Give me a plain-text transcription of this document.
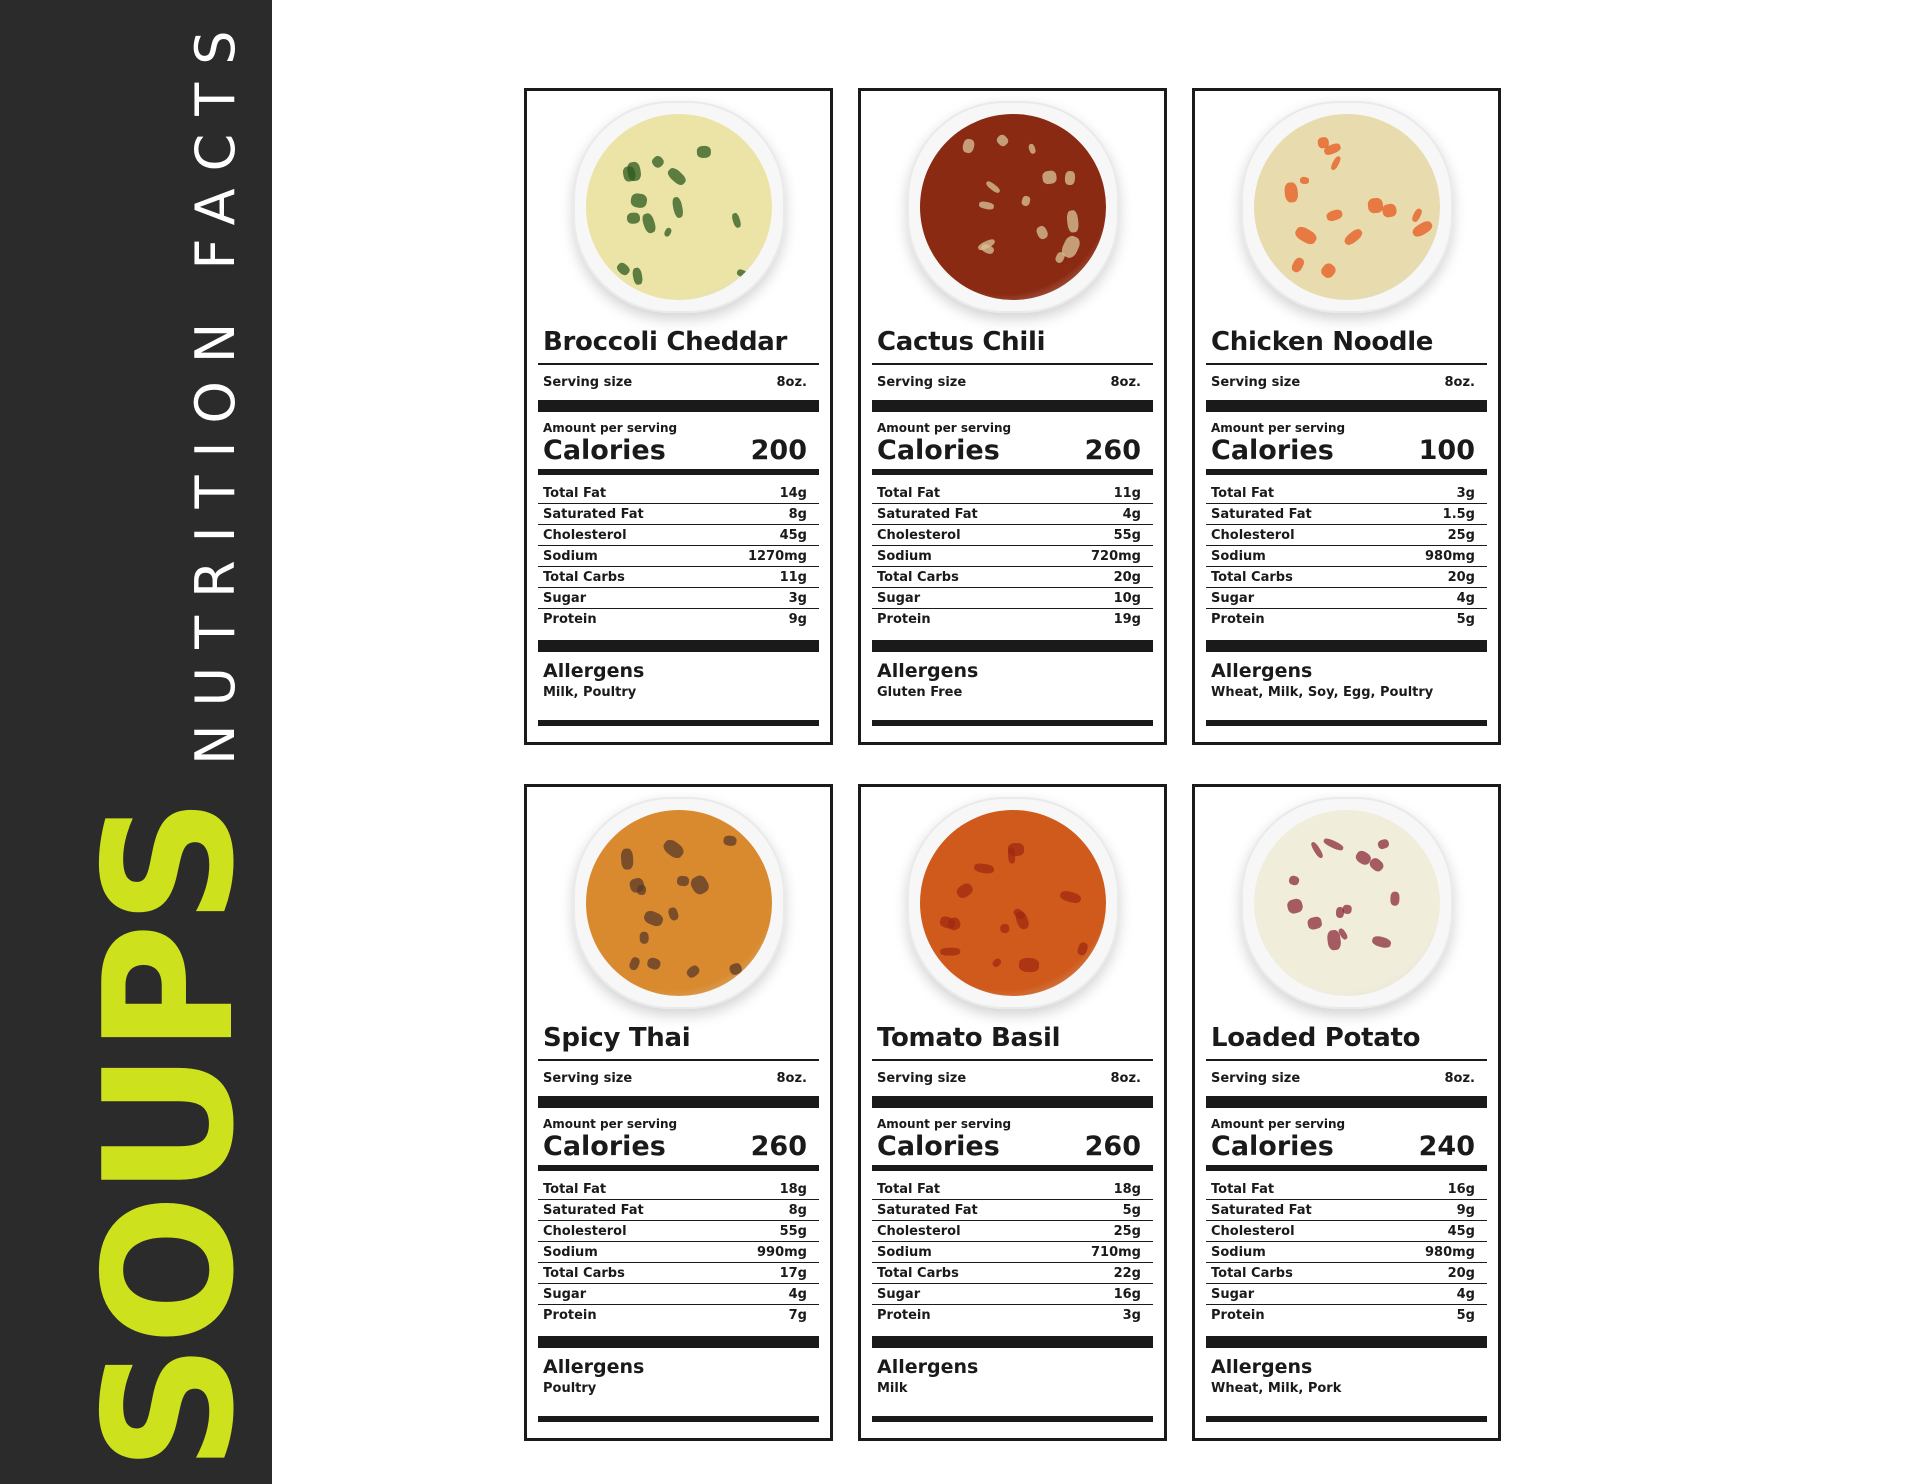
SOUPS
NUTRITION FACTS	Broccoli Cheddar
Serving size	8oz.
Amount per serving
Calories	200
Total Fat	14g
Saturated Fat	8g
Cholesterol	45g
Sodium	1270mg
Total Carbs	11g
Sugar	3g
Protein	9g
Allergens
Milk, Poultry
Cactus Chili
Serving size	8oz.
Amount per serving
Calories	260
Total Fat	11g
Saturated Fat	4g
Cholesterol	55g
Sodium	720mg
Total Carbs	20g
Sugar	10g
Protein	19g
Allergens
Gluten Free
Chicken Noodle
Serving size	8oz.
Amount per serving
Calories	100
Total Fat	3g
Saturated Fat	1.5g
Cholesterol	25g
Sodium	980mg
Total Carbs	20g
Sugar	4g
Protein	5g
Allergens
Wheat, Milk, Soy, Egg, Poultry
Spicy Thai
Serving size	8oz.
Amount per serving
Calories	260
Total Fat	18g
Saturated Fat	8g
Cholesterol	55g
Sodium	990mg
Total Carbs	17g
Sugar	4g
Protein	7g
Allergens
Poultry
Tomato Basil
Serving size	8oz.
Amount per serving
Calories	260
Total Fat	18g
Saturated Fat	5g
Cholesterol	25g
Sodium	710mg
Total Carbs	22g
Sugar	16g
Protein	3g
Allergens
Milk
Loaded Potato
Serving size	8oz.
Amount per serving
Calories	240
Total Fat	16g
Saturated Fat	9g
Cholesterol	45g
Sodium	980mg
Total Carbs	20g
Sugar	4g
Protein	5g
Allergens
Wheat, Milk, Pork
